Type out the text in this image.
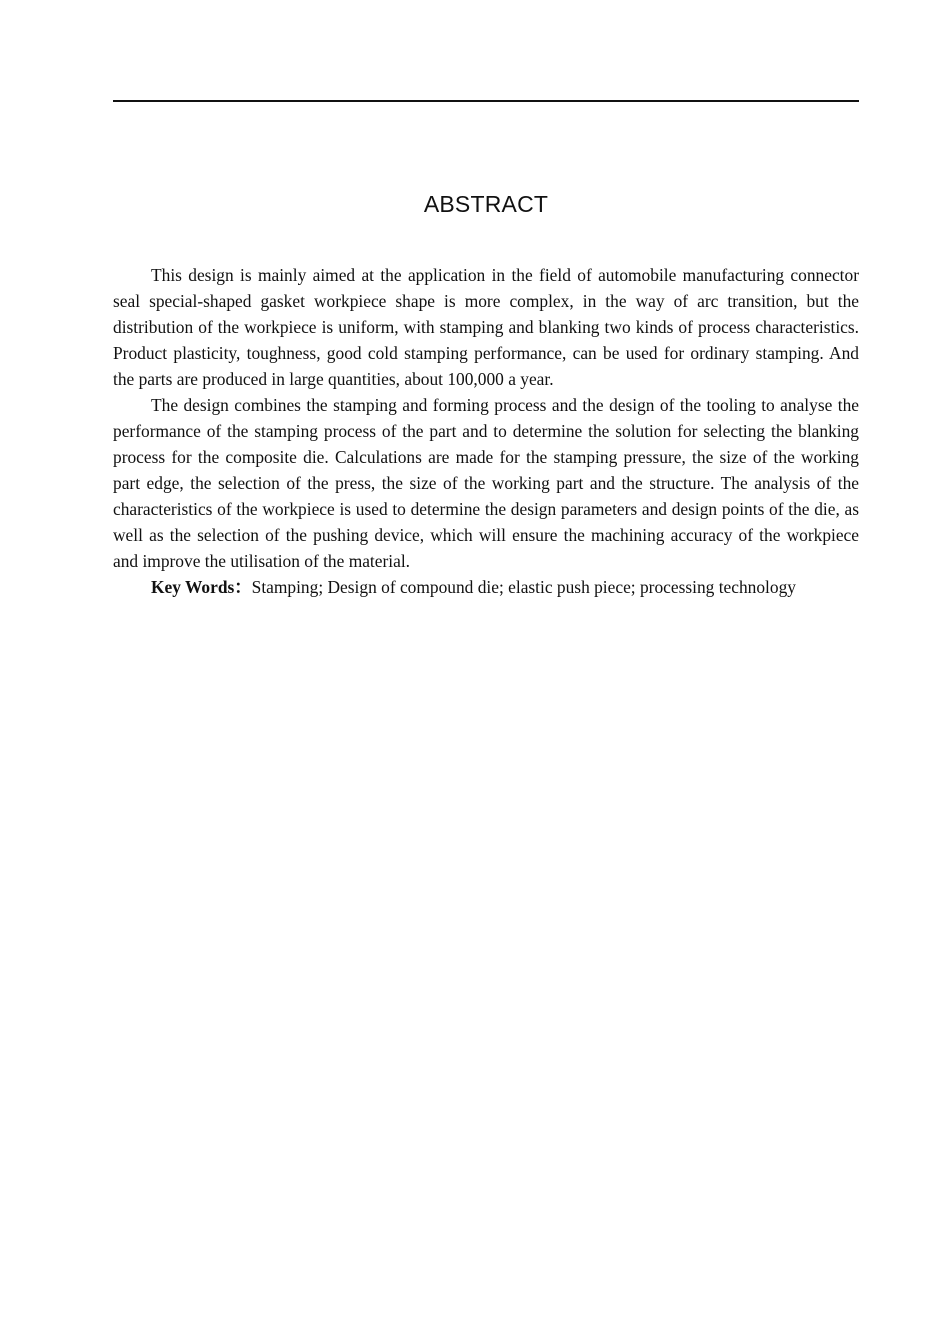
ABSTRACT

This design is mainly aimed at the application in the field of automobile manufacturing connector seal special-shaped gasket workpiece shape is more complex, in the way of arc transition, but the distribution of the workpiece is uniform, with stamping and blanking two kinds of process characteristics. Product plasticity, toughness, good cold stamping performance, can be used for ordinary stamping. And the parts are produced in large quantities, about 100,000 a year.

The design combines the stamping and forming process and the design of the tooling to analyse the performance of the stamping process of the part and to determine the solution for selecting the blanking process for the composite die. Calculations are made for the stamping pressure, the size of the working part edge, the selection of the press, the size of the working part and the structure. The analysis of the characteristics of the workpiece is used to determine the design parameters and design points of the die, as well as the selection of the pushing device, which will ensure the machining accuracy of the workpiece and improve the utilisation of the material.

Key Words：Stamping; Design of compound die; elastic push piece; processing technology
